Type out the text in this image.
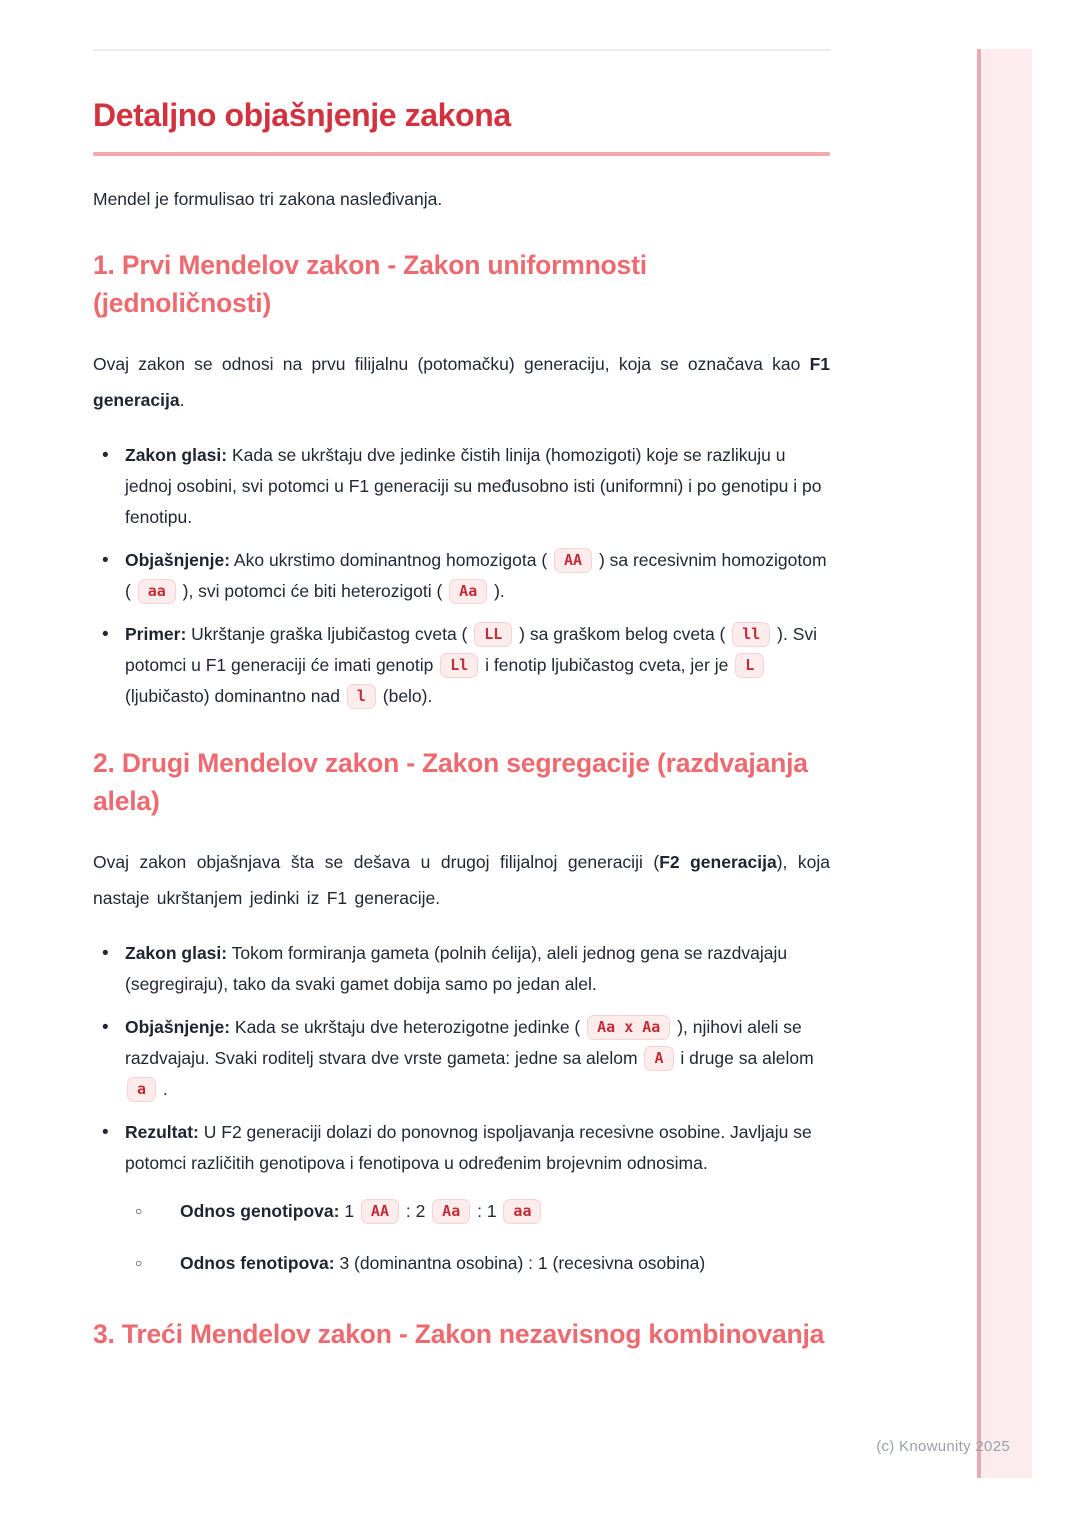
Detaljno objašnjenje zakona

Mendel je formulisao tri zakona nasleđivanja.

1. Prvi Mendelov zakon - Zakon uniformnosti (jednoličnosti)

Ovaj zakon se odnosi na prvu filijalnu (potomačku) generaciju, koja se označava kao F1 generacija.

• Zakon glasi: Kada se ukrštaju dve jedinke čistih linija (homozigoti) koje se razlikuju u jednoj osobini, svi potomci u F1 generaciji su međusobno isti (uniformni) i po genotipu i po fenotipu.
• Objašnjenje: Ako ukrstimo dominantnog homozigota ( AA ) sa recesivnim homozigotom ( aa ), svi potomci će biti heterozigoti ( Aa ).
• Primer: Ukrštanje graška ljubičastog cveta ( LL ) sa graškom belog cveta ( ll ). Svi potomci u F1 generaciji će imati genotip Ll i fenotip ljubičastog cveta, jer je L (ljubičasto) dominantno nad l (belo).
2. Drugi Mendelov zakon - Zakon segregacije (razdvajanja alela)

Ovaj zakon objašnjava šta se dešava u drugoj filijalnoj generaciji (F2 generacija), koja nastaje ukrštanjem jedinki iz F1 generacije.

• Zakon glasi: Tokom formiranja gameta (polnih ćelija), aleli jednog gena se razdvajaju (segregiraju), tako da svaki gamet dobija samo po jedan alel.
• Objašnjenje: Kada se ukrštaju dve heterozigotne jedinke ( Aa x Aa ), njihovi aleli se razdvajaju. Svaki roditelj stvara dve vrste gameta: jedne sa alelom A i druge sa alelom a .
• Rezultat: U F2 generaciji dolazi do ponovnog ispoljavanja recesivne osobine. Javljaju se potomci različitih genotipova i fenotipova u određenim brojevnim odnosima.
○ Odnos genotipova: 1 AA : 2 Aa : 1 aa
○ Odnos fenotipova: 3 (dominantna osobina) : 1 (recesivna osobina)
3. Treći Mendelov zakon - Zakon nezavisnog kombinovanja
(c) Knowunity 2025
